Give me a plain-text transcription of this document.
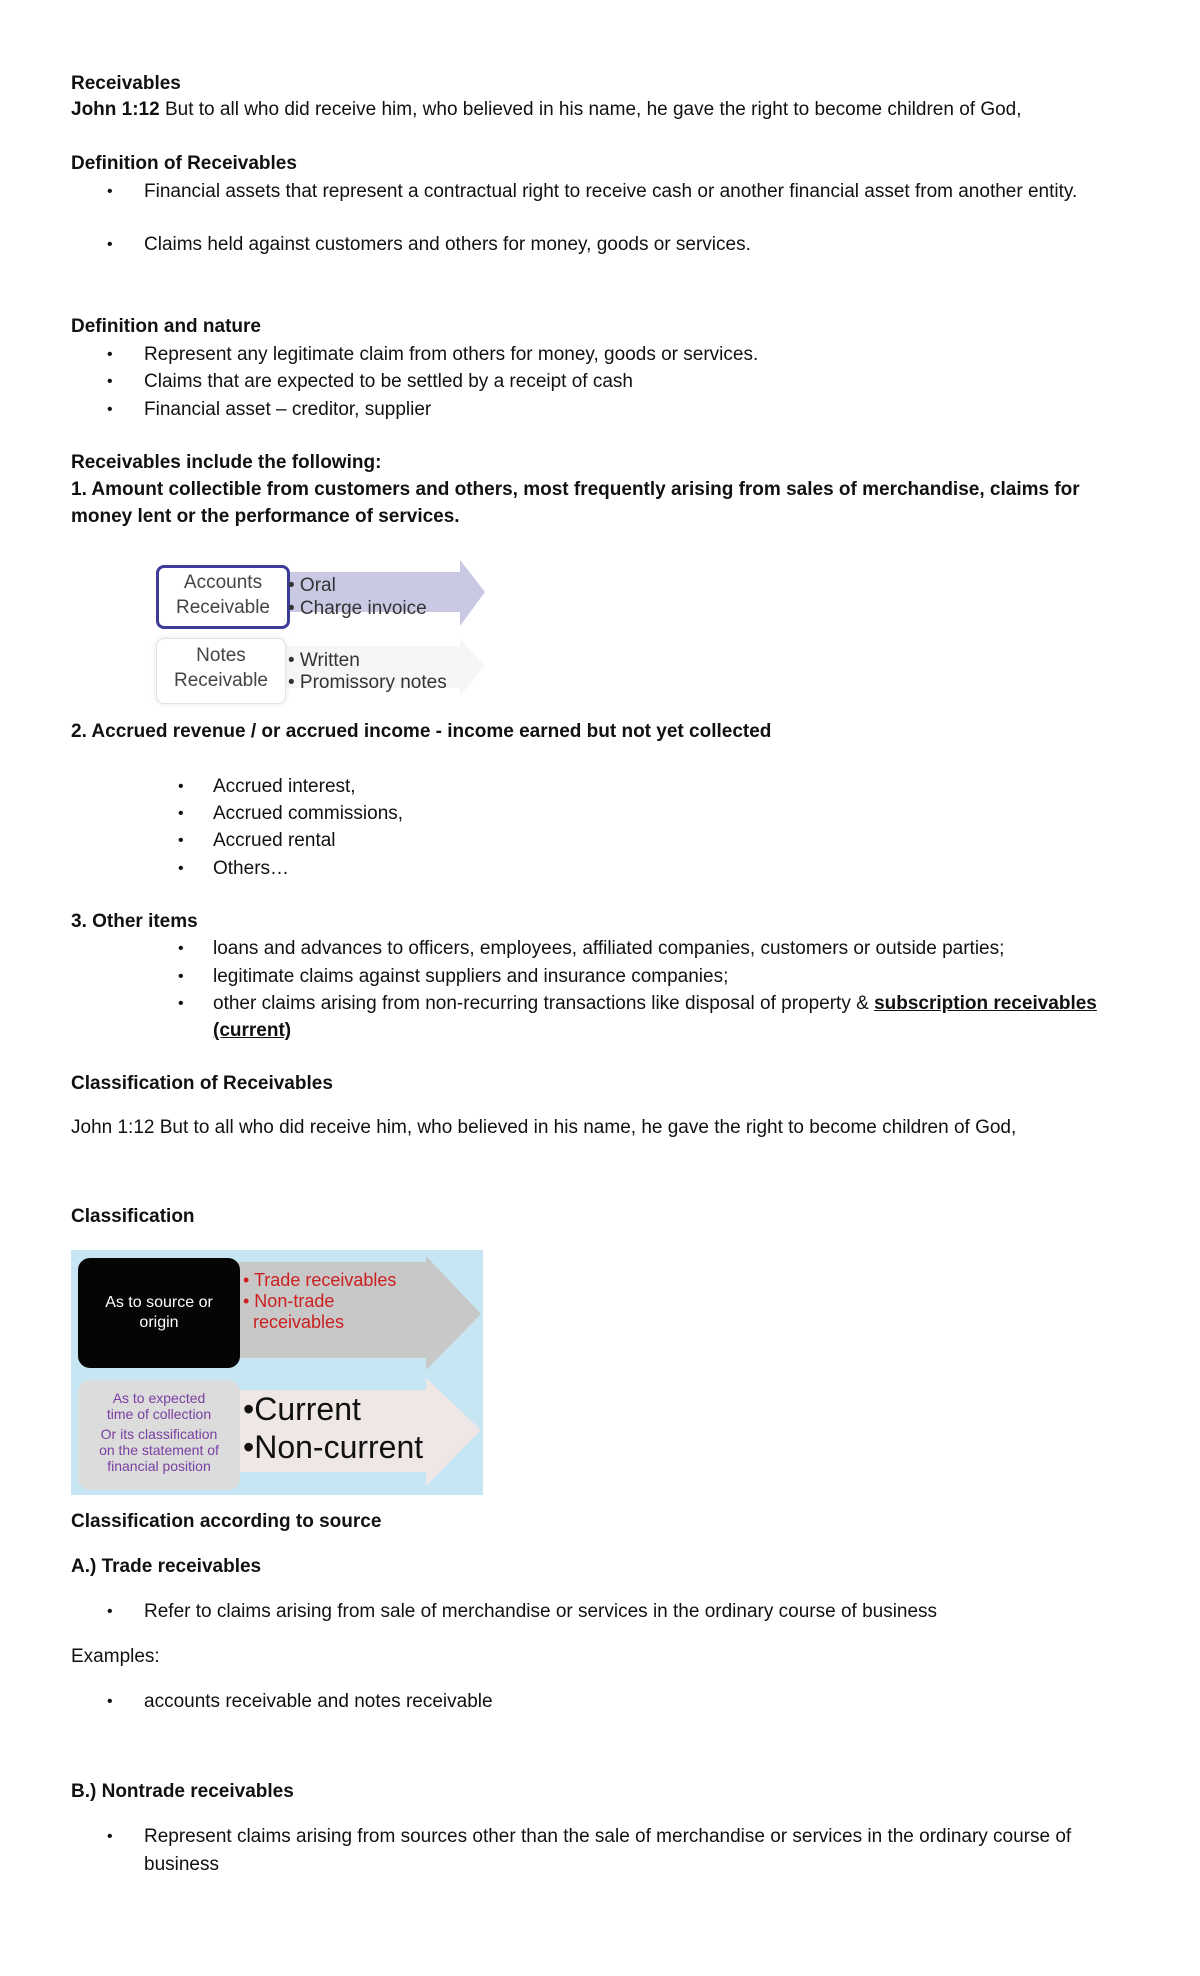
Receivables
John 1:12 But to all who did receive him, who believed in his name, he gave the right to become children of God,
Definition of Receivables
• Financial assets that represent a contractual right to receive cash or another financial asset from another entity.
• Claims held against customers and others for money, goods or services.
Definition and nature
• Represent any legitimate claim from others for money, goods or services.
• Claims that are expected to be settled by a receipt of cash
• Financial asset – creditor, supplier
Receivables include the following:
1. Amount collectible from customers and others, most frequently arising from sales of merchandise, claims for
money lent or the performance of services.
Accounts
Receivable
• Oral
• Charge invoice
Notes
Receivable
• Written
• Promissory notes
2. Accrued revenue / or accrued income - income earned but not yet collected
• Accrued interest,
• Accrued commissions,
• Accrued rental
• Others…
3. Other items
• loans and advances to officers, employees, affiliated companies, customers or outside parties;
• legitimate claims against suppliers and insurance companies;
• other claims arising from non-recurring transactions like disposal of property & subscription receivables
(current)
Classification of Receivables
John 1:12 But to all who did receive him, who believed in his name, he gave the right to become children of God,
Classification
As to source or
origin
• Trade receivables
• Non-trade
receivables
As to expected
time of collection
Or its classification
on the statement of
financial position
•Current
•Non-current
Classification according to source
A.) Trade receivables
• Refer to claims arising from sale of merchandise or services in the ordinary course of business
Examples:
• accounts receivable and notes receivable
B.) Nontrade receivables
• Represent claims arising from sources other than the sale of merchandise or services in the ordinary course of
business
